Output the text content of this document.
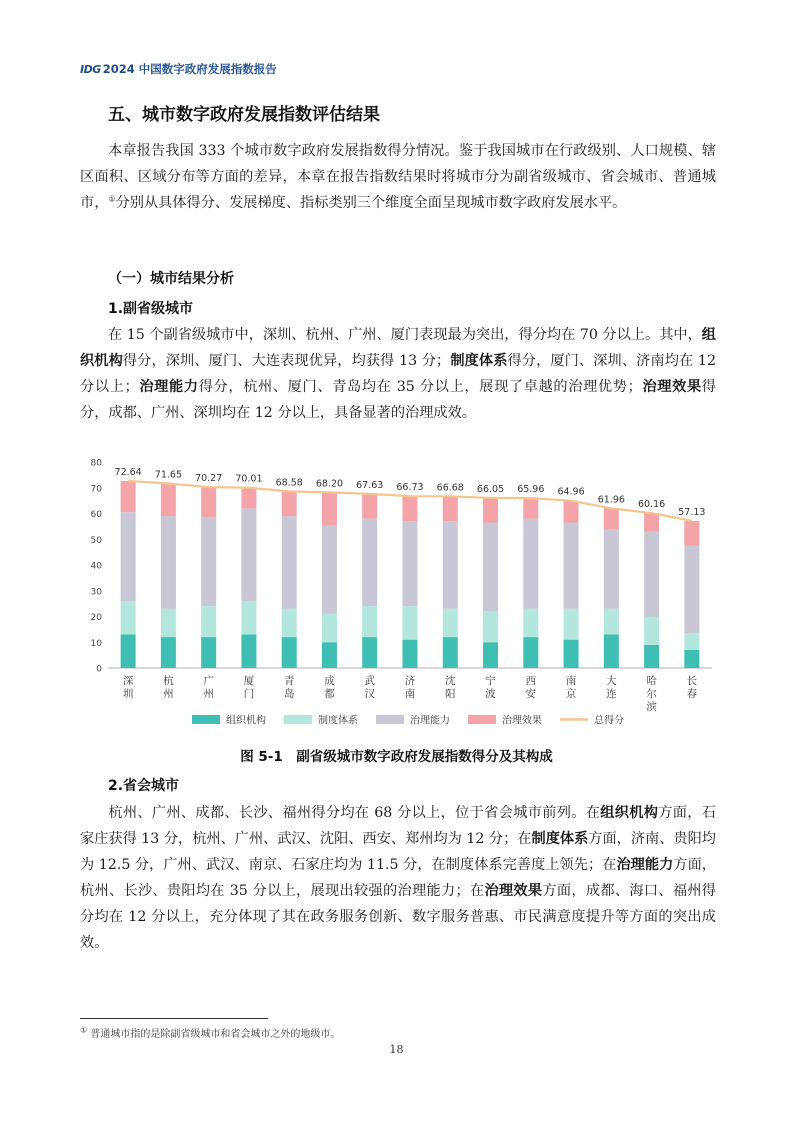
IDG 2024 中国数字政府发展指数报告
五、城市数字政府发展指数评估结果

本章报告我国 333 个城市数字政府发展指数得分情况。鉴于我国城市在行政级别、人口规模、辖区面积、区域分布等方面的差异，本章在报告指数结果时将城市分为副省级城市、省会城市、普通城市，①分别从具体得分、发展梯度、指标类别三个维度全面呈现城市数字政府发展水平。

（一）城市结果分析
1.副省级城市

在 15 个副省级城市中，深圳、杭州、广州、厦门表现最为突出，得分均在 70 分以上。其中，组织机构得分，深圳、厦门、大连表现优异，均获得 13 分；制度体系得分，厦门、深圳、济南均在 12 分以上；治理能力得分，杭州、厦门、青岛均在 35 分以上，展现了卓越的治理优势；治理效果得分，成都、广州、深圳均在 12 分以上，具备显著的治理成效。

0
10
20
30
40
50
60
70
80
深
圳
杭
州
广
州
厦
门
青
岛
成
都
武
汉
济
南
沈
阳
宁
波
西
安
南
京
大
连
哈
尔
滨
长
春
72.64 71.65 70.27 70.01 68.58 68.20 67.63 66.73 66.68 66.05 65.96 64.96
61.96 60.16
57.13
组织机构	制度体系	治理能力	治理效果	总得分
图 5-1　副省级城市数字政府发展指数得分及其构成
2.省会城市

杭州、广州、成都、长沙、福州得分均在 68 分以上，位于省会城市前列。在组织机构方面，石家庄获得 13 分，杭州、广州、武汉、沈阳、西安、郑州均为 12 分；在制度体系方面，济南、贵阳均为 12.5 分，广州、武汉、南京、石家庄均为 11.5 分，在制度体系完善度上领先；在治理能力方面，杭州、长沙、贵阳均在 35 分以上，展现出较强的治理能力；在治理效果方面，成都、海口、福州得分均在 12 分以上，充分体现了其在政务服务创新、数字服务普惠、市民满意度提升等方面的突出成效。

① 普通城市指的是除副省级城市和省会城市之外的地级市。
18
